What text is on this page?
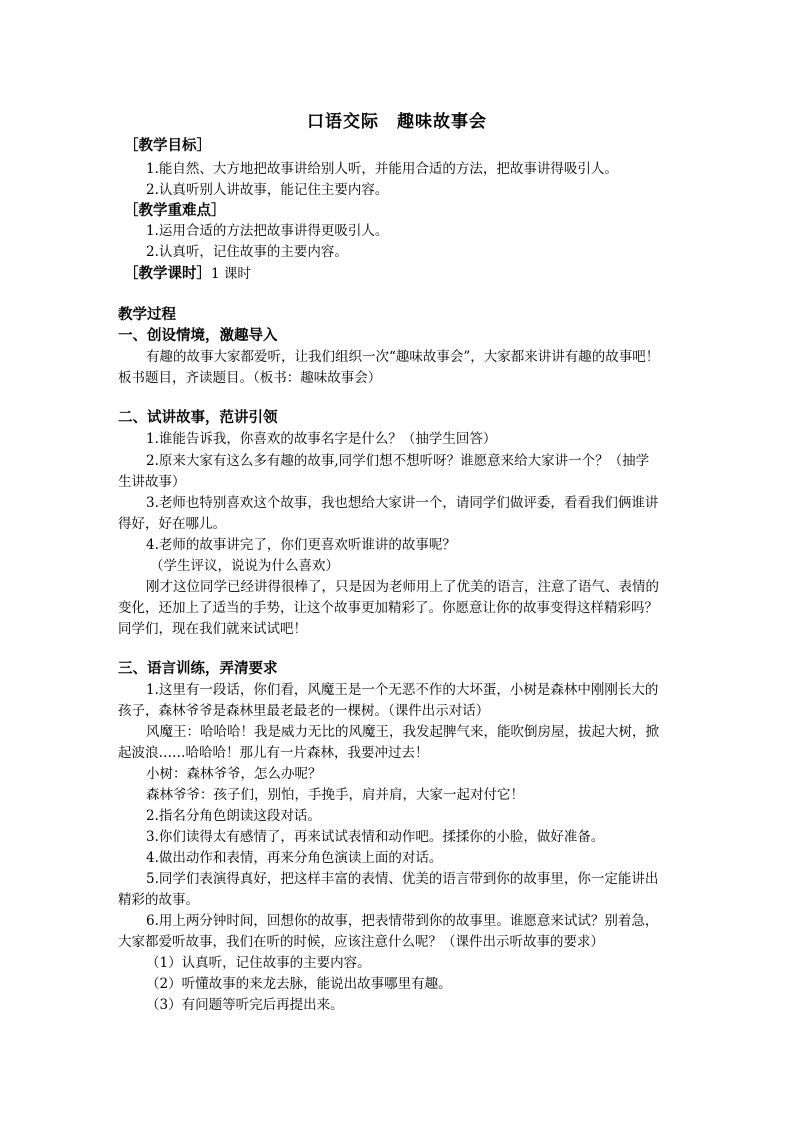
口语交际　趣味故事会
［教学目标］
1.能自然、大方地把故事讲给别人听，并能用合适的方法，把故事讲得吸引人。
2.认真听别人讲故事，能记住主要内容。
［教学重难点］
1.运用合适的方法把故事讲得更吸引人。
2.认真听，记住故事的主要内容。
［教学课时］1 课时
教学过程
一、创设情境，激趣导入
有趣的故事大家都爱听，让我们组织一次“趣味故事会”，大家都来讲讲有趣的故事吧！
板书题目，齐读题目。（板书：趣味故事会）
二、试讲故事，范讲引领
1.谁能告诉我，你喜欢的故事名字是什么？（抽学生回答）
2.原来大家有这么多有趣的故事,同学们想不想听呀？谁愿意来给大家讲一个？（抽学
生讲故事）
3.老师也特别喜欢这个故事，我也想给大家讲一个，请同学们做评委，看看我们俩谁讲
得好，好在哪儿。
4.老师的故事讲完了，你们更喜欢听谁讲的故事呢？
（学生评议，说说为什么喜欢）
刚才这位同学已经讲得很棒了，只是因为老师用上了优美的语言，注意了语气、表情的
变化，还加上了适当的手势，让这个故事更加精彩了。你愿意让你的故事变得这样精彩吗？
同学们，现在我们就来试试吧！
三、语言训练，弄清要求
1.这里有一段话，你们看，风魔王是一个无恶不作的大坏蛋，小树是森林中刚刚长大的
孩子，森林爷爷是森林里最老最老的一棵树。（课件出示对话）
风魔王：哈哈哈！我是威力无比的风魔王，我发起脾气来，能吹倒房屋，拔起大树，掀
起波浪……哈哈哈！那儿有一片森林，我要冲过去！
小树：森林爷爷，怎么办呢？
森林爷爷：孩子们，别怕，手挽手，肩并肩，大家一起对付它！
2.指名分角色朗读这段对话。
3.你们读得太有感情了，再来试试表情和动作吧。揉揉你的小脸，做好准备。
4.做出动作和表情，再来分角色演读上面的对话。
5.同学们表演得真好，把这样丰富的表情、优美的语言带到你的故事里，你一定能讲出
精彩的故事。
6.用上两分钟时间，回想你的故事，把表情带到你的故事里。谁愿意来试试？别着急，
大家都爱听故事，我们在听的时候，应该注意什么呢？（课件出示听故事的要求）
（1）认真听，记住故事的主要内容。
（2）听懂故事的来龙去脉，能说出故事哪里有趣。
（3）有问题等听完后再提出来。
